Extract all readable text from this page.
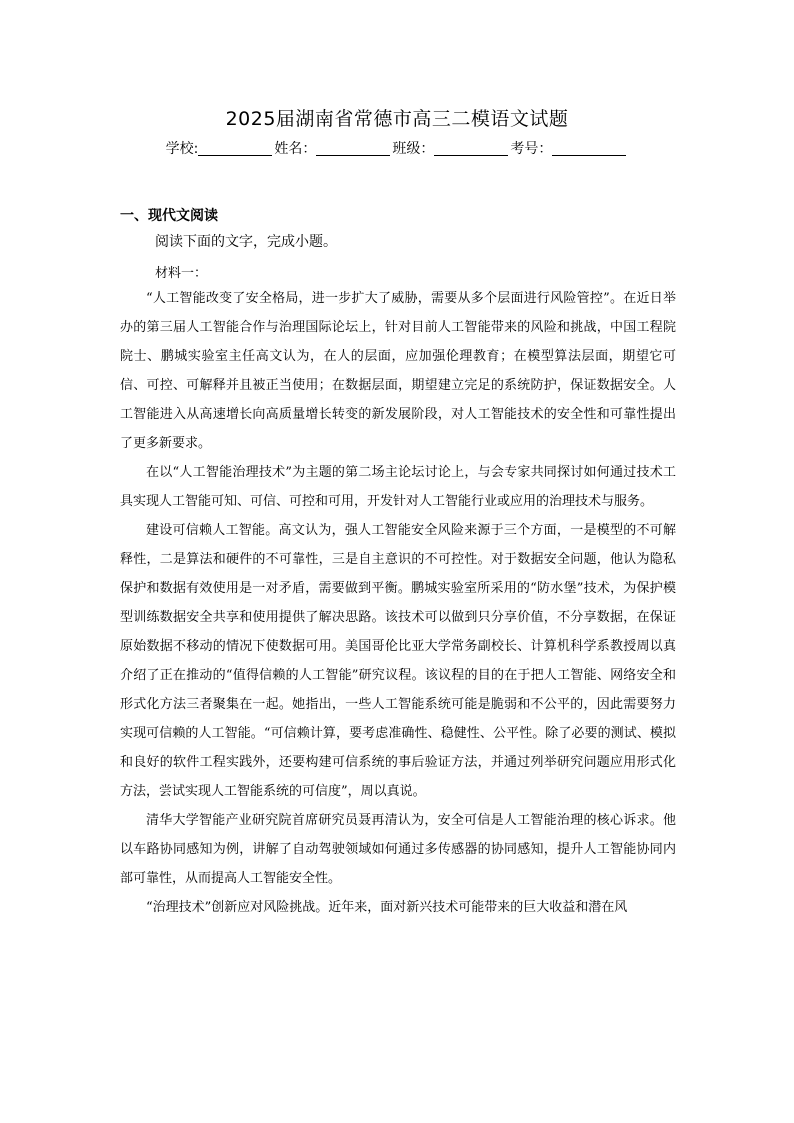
2025届湖南省常德市高三二模语文试题
学校:	姓名：	班级：	考号：
一、现代文阅读
阅读下面的文字，完成小题。
材料一：

“人工智能改变了安全格局，进一步扩大了威胁，需要从多个层面进行风险管控”。在近日举办的第三届人工智能合作与治理国际论坛上，针对目前人工智能带来的风险和挑战，中国工程院院士、鹏城实验室主任高文认为，在人的层面，应加强伦理教育；在模型算法层面，期望它可信、可控、可解释并且被正当使用；在数据层面，期望建立完足的系统防护，保证数据安全。人工智能进入从高速增长向高质量增长转变的新发展阶段，对人工智能技术的安全性和可靠性提出了更多新要求。

在以“人工智能治理技术”为主题的第二场主论坛讨论上，与会专家共同探讨如何通过技术工具实现人工智能可知、可信、可控和可用，开发针对人工智能行业或应用的治理技术与服务。

建设可信赖人工智能。高文认为，强人工智能安全风险来源于三个方面，一是模型的不可解释性，二是算法和硬件的不可靠性，三是自主意识的不可控性。对于数据安全问题，他认为隐私保护和数据有效使用是一对矛盾，需要做到平衡。鹏城实验室所采用的“防水堡”技术，为保护模型训练数据安全共享和使用提供了解决思路。该技术可以做到只分享价值，不分享数据，在保证原始数据不移动的情况下使数据可用。美国哥伦比亚大学常务副校长、计算机科学系教授周以真介绍了正在推动的“值得信赖的人工智能”研究议程。该议程的目的在于把人工智能、网络安全和形式化方法三者聚集在一起。她指出，一些人工智能系统可能是脆弱和不公平的，因此需要努力实现可信赖的人工智能。“可信赖计算，要考虑准确性、稳健性、公平性。除了必要的测试、模拟和良好的软件工程实践外，还要构建可信系统的事后验证方法，并通过列举研究问题应用形式化方法，尝试实现人工智能系统的可信度”，周以真说。

清华大学智能产业研究院首席研究员聂再清认为，安全可信是人工智能治理的核心诉求。他以车路协同感知为例，讲解了自动驾驶领域如何通过多传感器的协同感知，提升人工智能协同内部可靠性，从而提高人工智能安全性。

“治理技术”创新应对风险挑战。近年来，面对新兴技术可能带来的巨大收益和潜在风
